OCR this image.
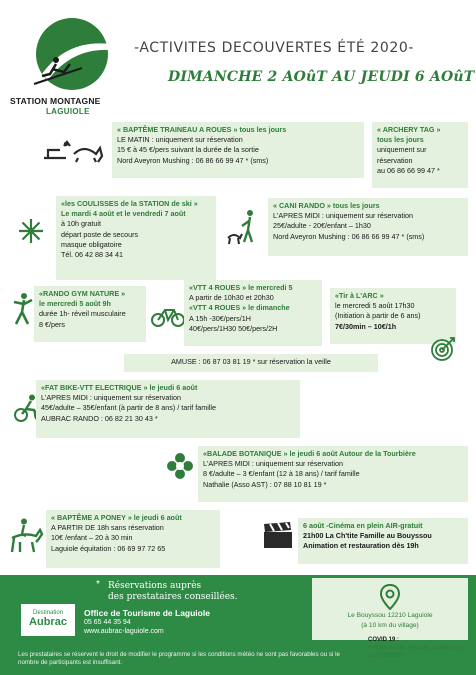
STATION MONTAGNE
LAGUIOLE
-ACTIVITES DECOUVERTES ÉTÉ 2020-
DIMANCHE 2 AOûT AU JEUDI 6 AOûT
« BAPTÊME TRAINEAU A ROUES » tous les jours
LE MATIN : uniquement sur réservation
15 € à 45 €/pers suivant la durée de la sortie
Nord Aveyron Mushing : 06 86 66 99 47 * (sms)
« ARCHERY TAG »
tous les jours
uniquement sur
réservation
au 06 86 66 99 47 *
«les COULISSES de la STATION de ski »
Le mardi 4 août et le vendredi 7 août
à 10h gratuit
départ poste de secours
masque obligatoire
Tél. 06 42 88 34 41
« CANI RANDO » tous les jours
L'APRES MIDI : uniquement sur réservation
25€/adulte - 20€/enfant – 1h30
Nord Aveyron Mushing : 06 86 66 99 47 * (sms)
«RANDO GYM NATURE »
le mercredi 5 août 9h
durée 1h- réveil musculaire
8 €/pers
«VTT 4 ROUES » le mercredi 5
A partir de 10h30 et 20h30
«VTT 4 ROUES » le dimanche
A 15h -30€/pers/1H
40€/pers/1H30 50€/pers/2H
«Tir à L'ARC »
le mercredi 5 août 17h30
(Initiation à partir de 6 ans)
7€/30min – 10€/1h
AMUSE : 06 87 03 81 19 * sur réservation la veille
«FAT BIKE-VTT ELECTRIQUE » le jeudi 6 août
L'APRES MIDI : uniquement sur réservation
45€/adulte – 35€/enfant (à partir de 8 ans) / tarif famille
AUBRAC RANDO : 06 82 21 30 43 *
«BALADE BOTANIQUE » le jeudi 6 août Autour de la Tourbière
L'APRES MIDI : uniquement sur réservation
8 €/adulte – 3 €/enfant (12 à 18 ans) / tarif famille
Nathalie (Asso AST) : 07 88 10 81 19 *
« BAPTÊME A PONEY » le jeudi 6 août
A PARTIR DE 18h sans réservation
10€ /enfant – 20 à 30 min
Laguiole équitation : 06 69 97 72 65
6 août -Cinéma en plein AIR-gratuit
21h00 La Ch'tite Famille au Bouyssou
Animation et restauration dès 19h
* Réservations auprès
des prestataires conseillées.
Destination
Aubrac
Office de Tourisme de Laguiole
05 65 44 35 94
www.aubrac-laguiole.com
Les prestataires se réservent le droit de modifier le programme si les conditions météo ne sont pas favorables ou si le nombre de participants est insuffisant.
Le Bouyssou 12210 Laguiole
(à 10 km du village)
COVID 19 :
Respectez les mesures sanitaires et de protection
